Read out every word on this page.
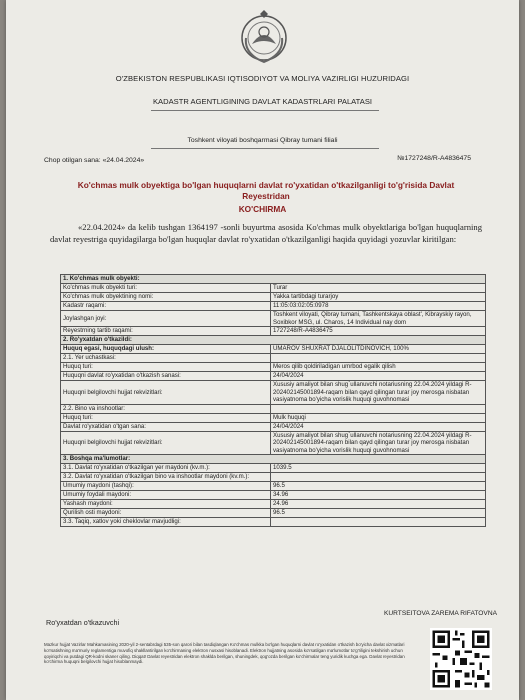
O'ZBEKISTON RESPUBLIKASI IQTISODIYOT VA MOLIYA VAZIRLIGI HUZURIDAGI
KADASTR AGENTLIGINING DAVLAT KADASTRLARI PALATASI
Toshkent viloyati boshqarmasi Qibray tumani filiali
Chop otilgan sana: «24.04.2024»	№1727248/R-A4836475
Ko'chmas mulk obyektiga bo'lgan huquqlarni davlat ro'yxatidan o'tkazilganligi to'g'risida Davlat Reyestridan
KO'CHIRMA
«22.04.2024» da kelib tushgan 1364197 -sonli buyurtma asosida Ko'chmas mulk obyektlariga bo'lgan huquqlarning davlat reyestriga quyidagilarga bo'lgan huquqlar davlat ro'yxatidan o'tkazilganligi haqida quyidagi yozuvlar kiritilgan:
1. Ko'chmas mulk obyekti:	
Ko'chmas mulk obyekti turi:	Turar
Ko'chmas mulk obyektining nomi:	Yakka tartibdagi turarjoy
Kadastr raqami:	11:05:03:02:05:0978
Joylashgan joyi:	Toshkent viloyati, Qibray tumani, Tashkentskaya oblast', Kibrayskiy rayon, Soxibkor MSG, ul. Charos, 14 Individual nay dom
Reyestrning tartib raqami:	1727248/R-A4836475
2. Ro'yxatdan o'tkazildi:	
Huquq egasi, huquqdagi ulush:	UMAROV SHUXRAT DJALOLITDINOVICH, 100%
2.1. Yer uchastkasi:	
Huquq turi:	Meros qilib qoldiriladigan umrbod egalik qilish
Huquqni davlat ro'yxatidan o'tkazish sanasi:	24/04/2024
Huquqni belgilovchi hujjat rekvizitlari:	Xususiy amaliyot bilan shug`ullanuvchi notariusning 22.04.2024 yildagi R- 202402145001894-raqam bilan qayd qilingan turar joy merosga nisbatan vasiyatnoma bo'yicha vorislik huquqi guvohnomasi
2.2. Bino va inshootlar:	
Huquq turi:	Mulk huquqi
Davlat ro'yxatidan o'tgan sana:	24/04/2024
Huquqni belgilovchi hujjat rekvizitlari:	Xususiy amaliyot bilan shug`ullanuvchi notariusning 22.04.2024 yildagi R- 202402145001894-raqam bilan qayd qilingan turar joy merosga nisbatan vasiyatnoma bo'yicha vorislik huquqi guvohnomasi
3. Boshqa ma'lumotlar:	
3.1. Davlat ro'yxatidan o'tkazilgan yer maydoni (kv.m.):	1039.5
3.2. Davlat ro'yxatidan o'tkazilgan bino va inshootlar maydoni (kv.m.):	
Umumiy maydoni (tashqi):	96.5
Umumiy foydali maydoni:	34.96
Yashash maydoni:	24.96
Qurilish osti maydoni:	96.5
3.3. Taqiq, xatlov yoki cheklovlar mavjudligi:	
Ro'yxatdan o'tkazuvchi
KURTSEITOVA ZAREMA RIFATOVNA
Mazkur hujjat Vazirlar Mahkamasining 2020-yil 2-sentabrdagi 535-son qarori bilan tasdiqlangan Ko'chmas mulkka bo'lgan huquqlarni davlat ro'yxatidan o'tkazish bo'yicha davlat xizmatlari ko'rsatishning ma'muriy reglamentiga muvofiq shakllantirilgan ko'chirmaning elektron nusxasi hisoblanadi. Elektron hujjatning asosida ko'rsatilgan ma'lumotlar to'g'riligini tekshirish uchun qoyiriqchi va putdagi QR-kodni skaner qiling. Diqqat! Davlat reyestridan elektron shaklda berilgan, shuningdek, qog'ozda berilgan ko'chirmalar teng yuridik kuchga ega. Davlat reyestridan ko'chirma huquqni belgilovchi hujjat hisoblanmaydi.
